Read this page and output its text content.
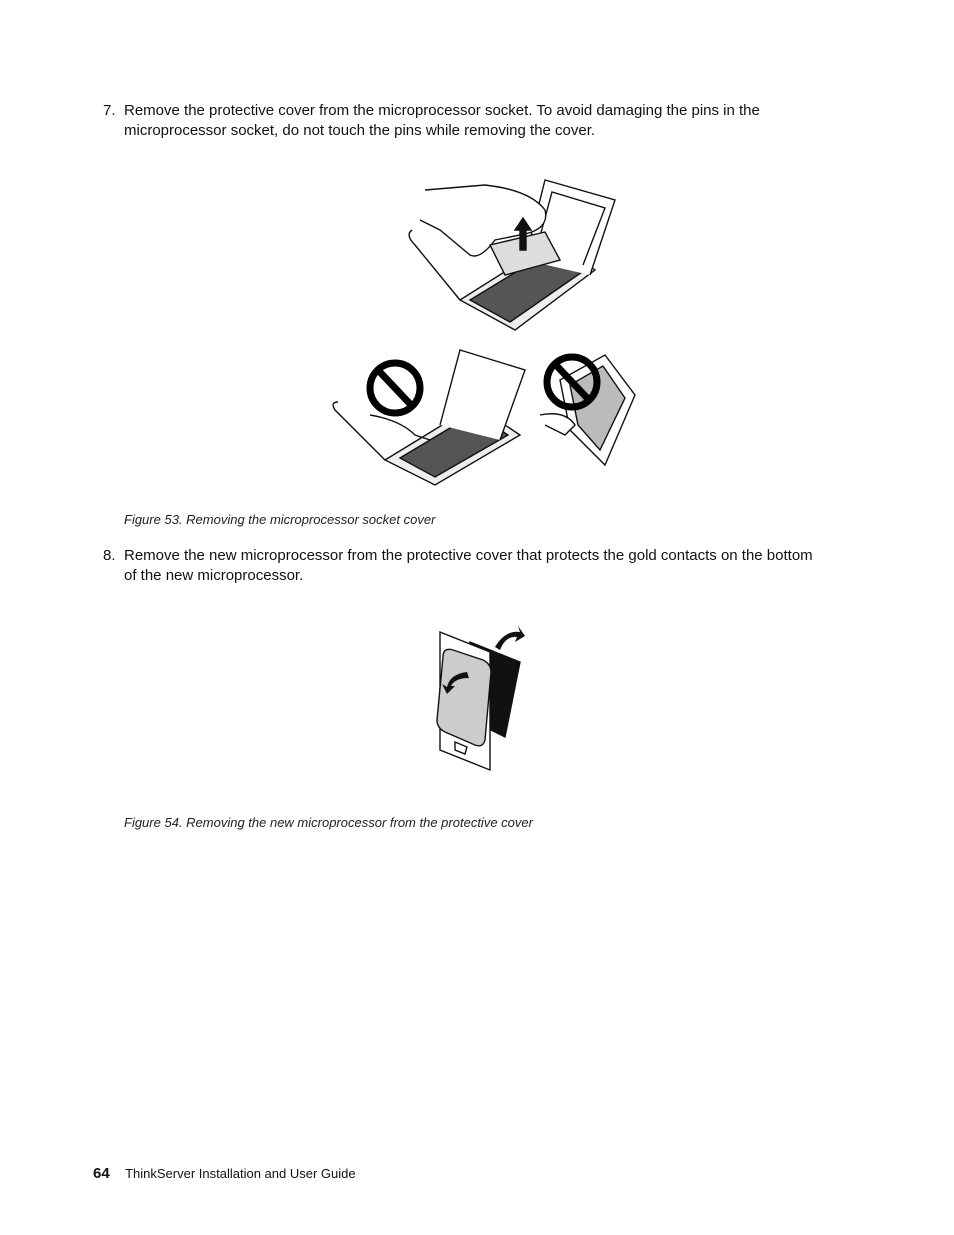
7. Remove the protective cover from the microprocessor socket. To avoid damaging the pins in the microprocessor socket, do not touch the pins while removing the cover.
Figure 53. Removing the microprocessor socket cover
8. Remove the new microprocessor from the protective cover that protects the gold contacts on the bottom of the new microprocessor.
Figure 54. Removing the new microprocessor from the protective cover
64 ThinkServer Installation and User Guide
